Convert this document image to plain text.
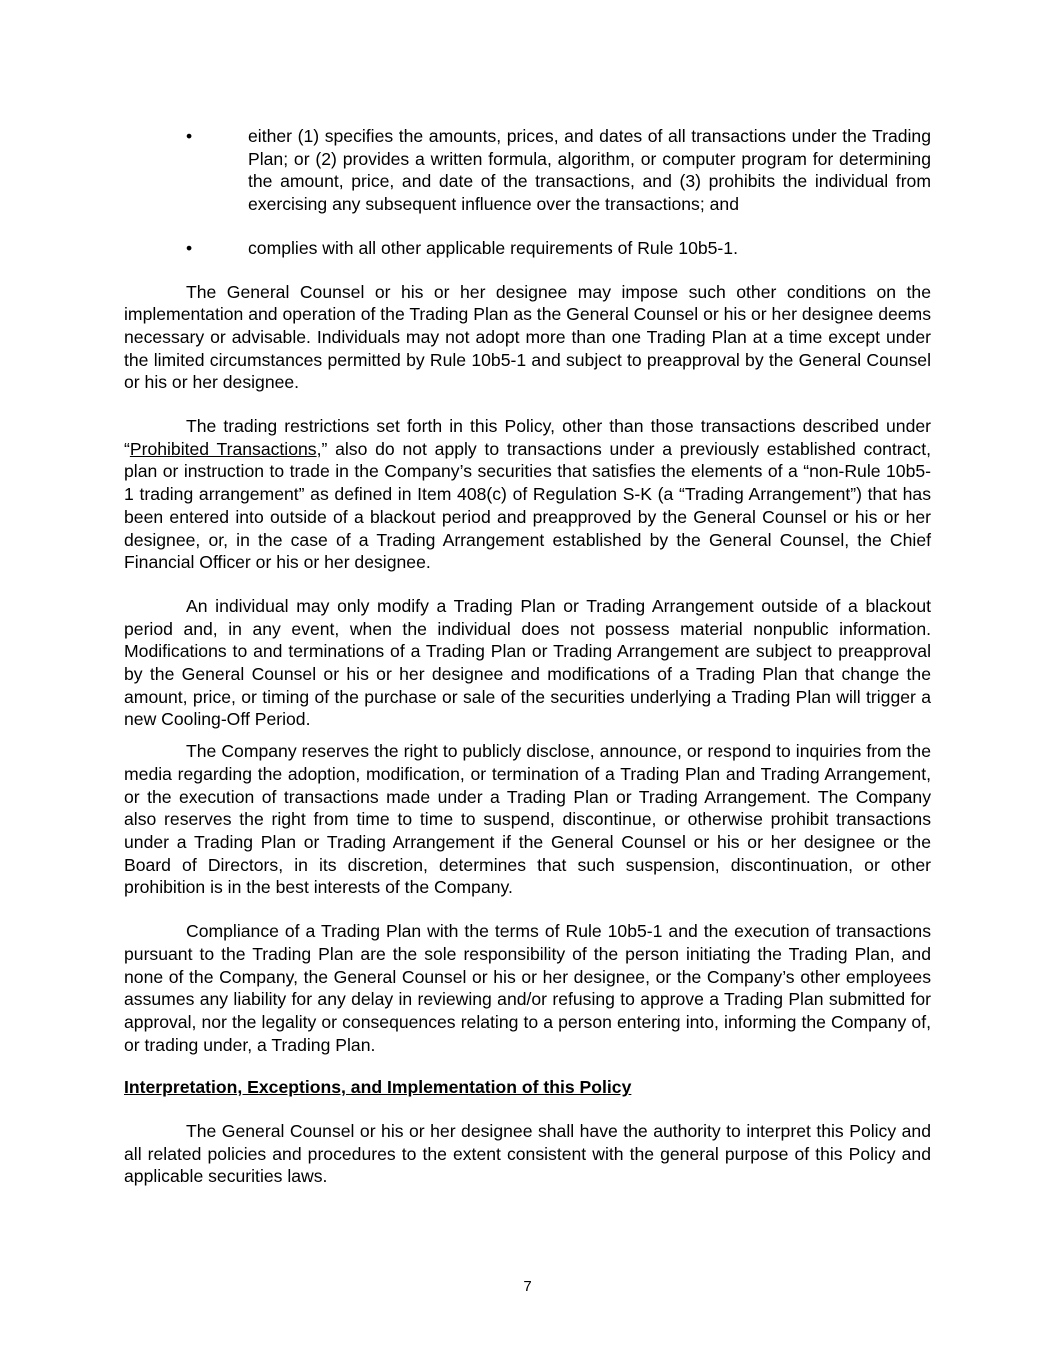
•	either (1) specifies the amounts, prices, and dates of all transactions under the Trading Plan; or (2) provides a written formula, algorithm, or computer program for determining the amount, price, and date of the transactions, and (3) prohibits the individual from exercising any subsequent influence over the transactions; and
•	complies with all other applicable requirements of Rule 10b5-1.

The General Counsel or his or her designee may impose such other conditions on the implementation and operation of the Trading Plan as the General Counsel or his or her designee deems necessary or advisable. Individuals may not adopt more than one Trading Plan at a time except under the limited circumstances permitted by Rule 10b5-1 and subject to preapproval by the General Counsel or his or her designee.

The trading restrictions set forth in this Policy, other than those transactions described under “Prohibited Transactions,” also do not apply to transactions under a previously established contract, plan or instruction to trade in the Company’s securities that satisfies the elements of a “non-Rule 10b5-1 trading arrangement” as defined in Item 408(c) of Regulation S-K (a “Trading Arrangement”) that has been entered into outside of a blackout period and preapproved by the General Counsel or his or her designee, or, in the case of a Trading Arrangement established by the General Counsel, the Chief Financial Officer or his or her designee.

An individual may only modify a Trading Plan or Trading Arrangement outside of a blackout period and, in any event, when the individual does not possess material nonpublic information. Modifications to and terminations of a Trading Plan or Trading Arrangement are subject to preapproval by the General Counsel or his or her designee and modifications of a Trading Plan that change the amount, price, or timing of the purchase or sale of the securities underlying a Trading Plan will trigger a new Cooling-Off Period.

The Company reserves the right to publicly disclose, announce, or respond to inquiries from the media regarding the adoption, modification, or termination of a Trading Plan and Trading Arrangement, or the execution of transactions made under a Trading Plan or Trading Arrangement. The Company also reserves the right from time to time to suspend, discontinue, or otherwise prohibit transactions under a Trading Plan or Trading Arrangement if the General Counsel or his or her designee or the Board of Directors, in its discretion, determines that such suspension, discontinuation, or other prohibition is in the best interests of the Company.

Compliance of a Trading Plan with the terms of Rule 10b5-1 and the execution of transactions pursuant to the Trading Plan are the sole responsibility of the person initiating the Trading Plan, and none of the Company, the General Counsel or his or her designee, or the Company’s other employees assumes any liability for any delay in reviewing and/or refusing to approve a Trading Plan submitted for approval, nor the legality or consequences relating to a person entering into, informing the Company of, or trading under, a Trading Plan.

Interpretation, Exceptions, and Implementation of this Policy

The General Counsel or his or her designee shall have the authority to interpret this Policy and all related policies and procedures to the extent consistent with the general purpose of this Policy and applicable securities laws.

7
